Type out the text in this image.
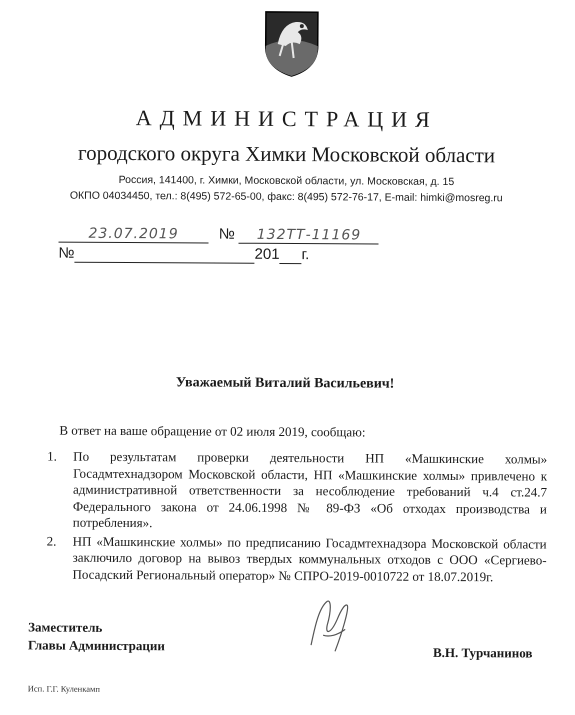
АДМИНИСТРАЦИЯ
городского округа Химки Московской области
Россия, 141400, г. Химки, Московской области, ул. Московская, д. 15
ОКПО 04034450, тел.: 8(495) 572-65-00, факс: 8(495) 572-76-17, E-mail: himki@mosreg.ru
23.07.2019	№ 132ТТ-11169
№	201 г.
Уважаемый Виталий Васильевич!
В ответ на ваше обращение от 02 июля 2019, сообщаю:
1.	По результатам проверки деятельности НП «Машкинские холмы» Госадмтехнадзором Московской области, НП «Машкинские холмы» привлечено к административной ответственности за несоблюдение требований ч.4 ст.24.7 Федерального закона от 24.06.1998 № 89-ФЗ «Об отходах производства и потребления».
2.	НП «Машкинские холмы» по предписанию Госадмтехнадзора Московской области заключило договор на вывоз твердых коммунальных отходов с ООО «Сергиево-Посадский Региональный оператор» № СПРО-2019-0010722 от 18.07.2019г.
Заместитель
Главы Администрации	В.Н. Турчанинов
Исп. Г.Г. Куленкамп
